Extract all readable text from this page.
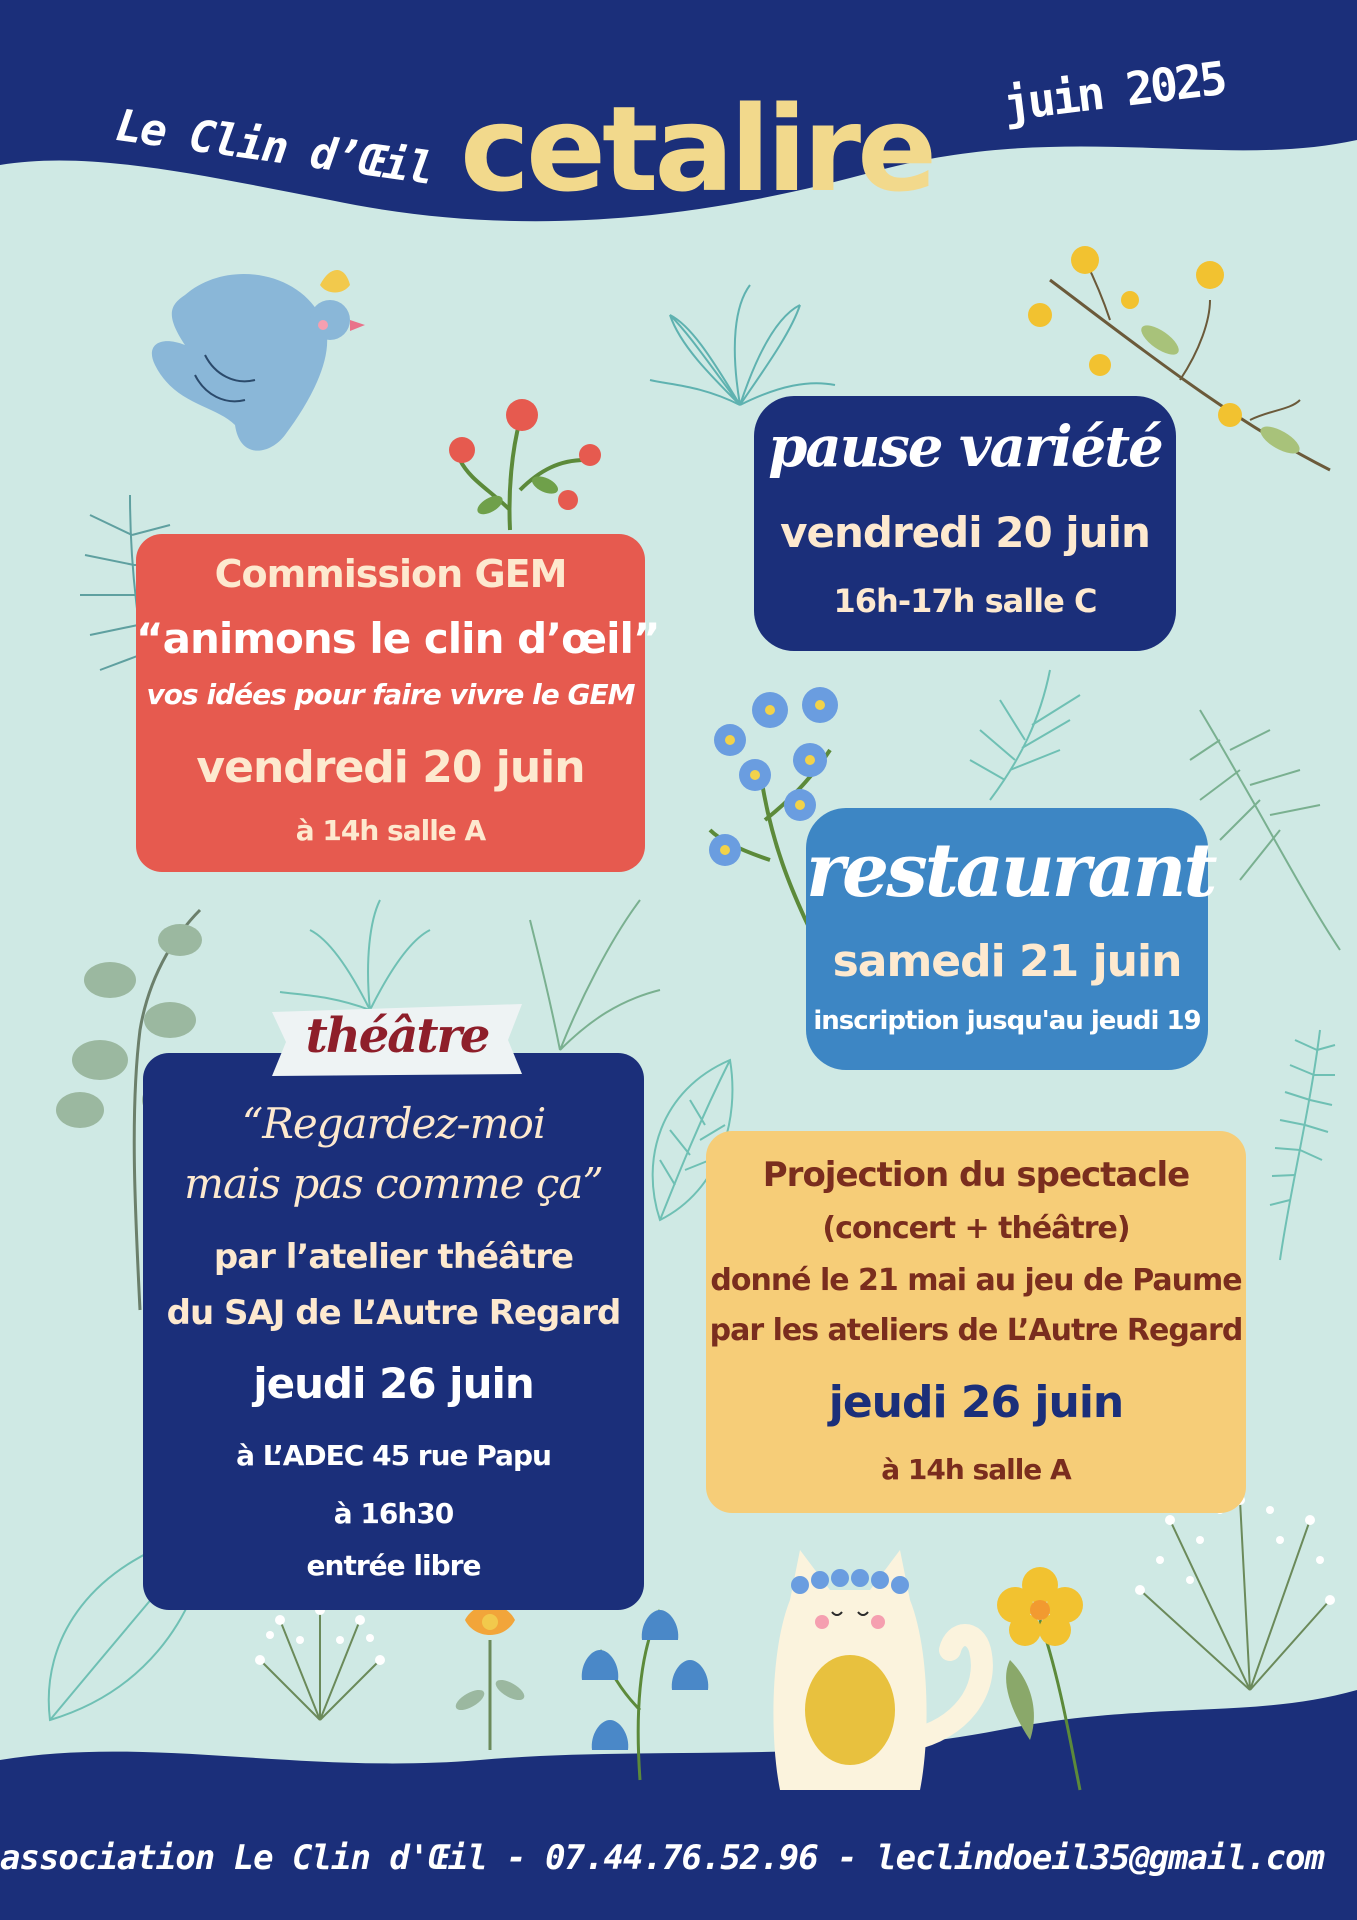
Le Clin d’Œil cetalire juin 2025
Commission GEM
“animons le clin d’œil”
vos idées pour faire vivre le GEM
vendredi 20 juin
à 14h salle A
pause variété
vendredi 20 juin
16h-17h salle C
restaurant
samedi 21 juin
inscription jusqu'au jeudi 19
“Regardez-moi
mais pas comme ça”
par l’atelier théâtre
du SAJ de L’Autre Regard
jeudi 26 juin
à L’ADEC 45 rue Papu
à 16h30
entrée libre
théâtre
Projection du spectacle
(concert + théâtre)
donné le 21 mai au jeu de Paume
par les ateliers de L’Autre Regard
jeudi 26 juin
à 14h salle A
association Le Clin d'Œil - 07.44.76.52.96 - leclindoeil35@gmail.com
